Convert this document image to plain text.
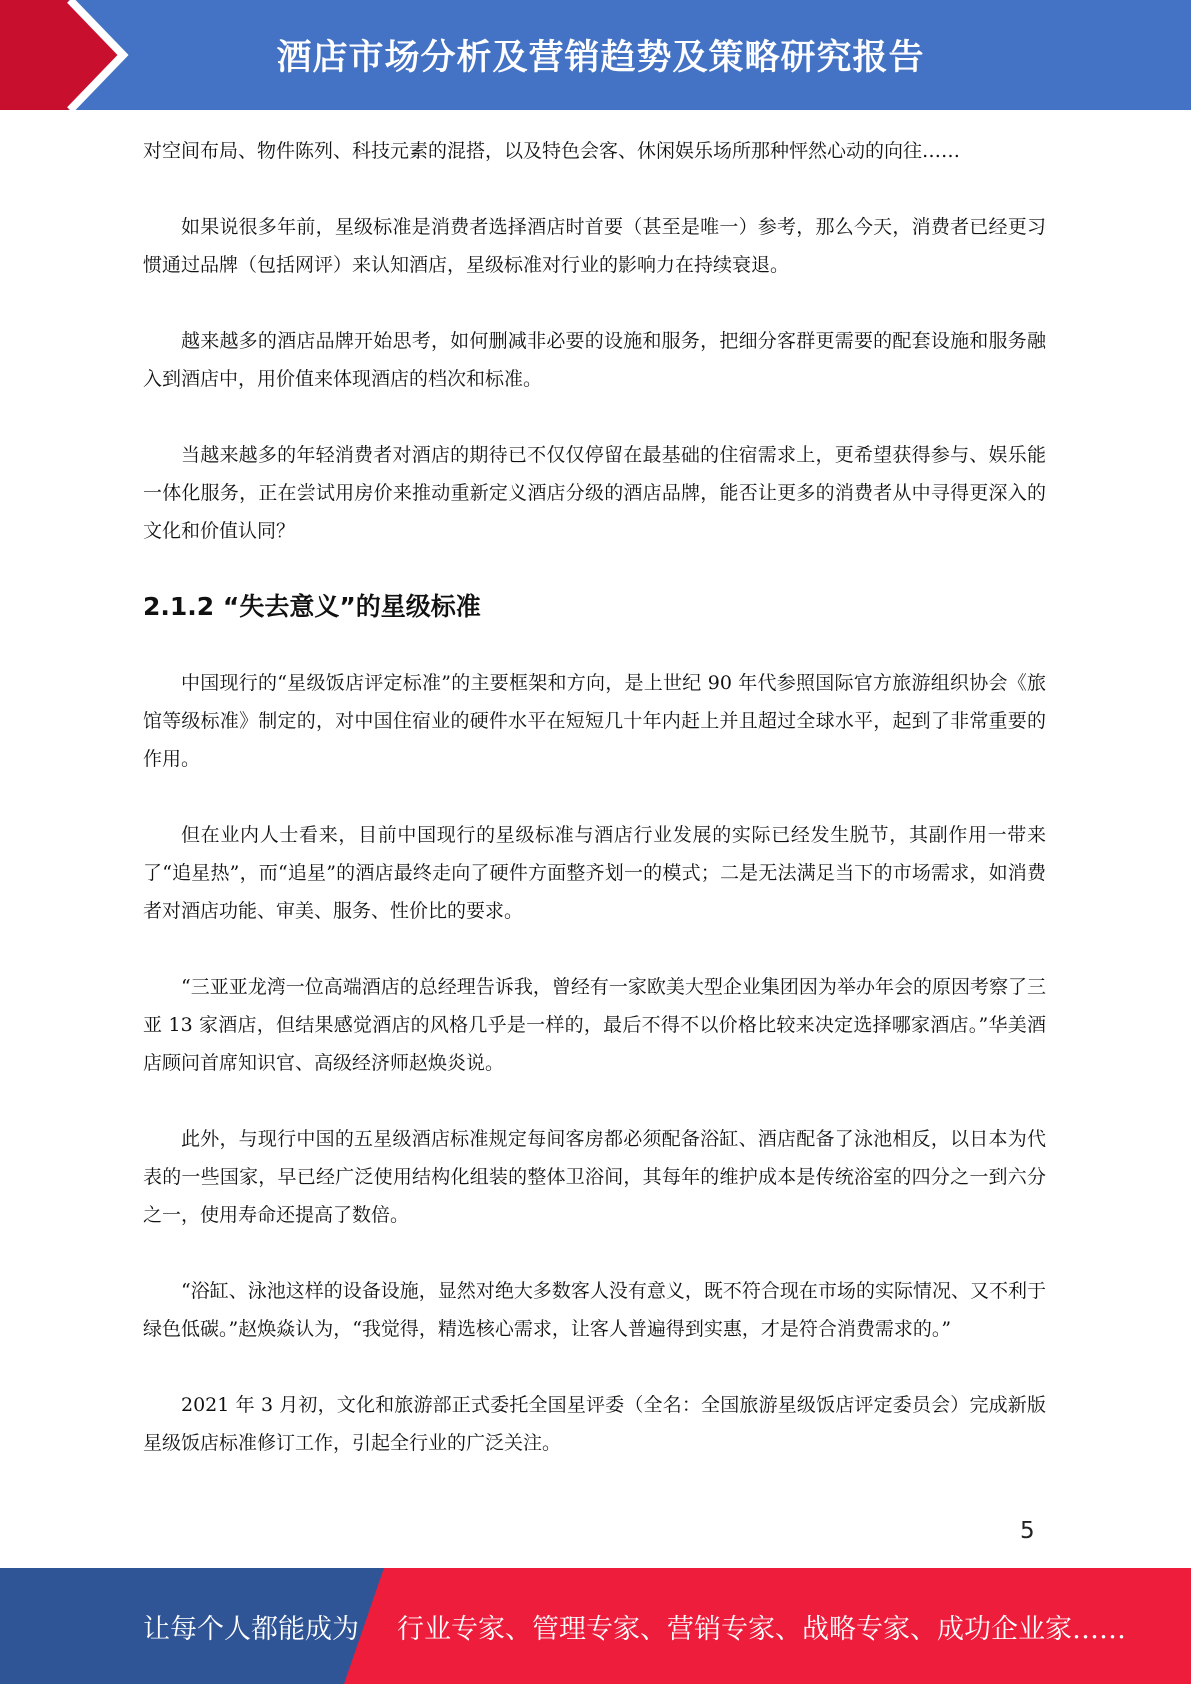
酒店市场分析及营销趋势及策略研究报告

对空间布局、物件陈列、科技元素的混搭，以及特色会客、休闲娱乐场所那种怦然心动的向往……

如果说很多年前，星级标准是消费者选择酒店时首要（甚至是唯一）参考，那么今天，消费者已经更习惯通过品牌（包括网评）来认知酒店，星级标准对行业的影响力在持续衰退。

越来越多的酒店品牌开始思考，如何删减非必要的设施和服务，把细分客群更需要的配套设施和服务融入到酒店中，用价值来体现酒店的档次和标准。

当越来越多的年轻消费者对酒店的期待已不仅仅停留在最基础的住宿需求上，更希望获得参与、娱乐能一体化服务，正在尝试用房价来推动重新定义酒店分级的酒店品牌，能否让更多的消费者从中寻得更深入的文化和价值认同？

2.1.2 “失去意义”的星级标准

中国现行的“星级饭店评定标准”的主要框架和方向，是上世纪 90 年代参照国际官方旅游组织协会《旅馆等级标准》制定的，对中国住宿业的硬件水平在短短几十年内赶上并且超过全球水平，起到了非常重要的作用。

但在业内人士看来，目前中国现行的星级标准与酒店行业发展的实际已经发生脱节，其副作用一带来了“追星热”，而“追星”的酒店最终走向了硬件方面整齐划一的模式；二是无法满足当下的市场需求，如消费者对酒店功能、审美、服务、性价比的要求。

“三亚亚龙湾一位高端酒店的总经理告诉我，曾经有一家欧美大型企业集团因为举办年会的原因考察了三亚 13 家酒店，但结果感觉酒店的风格几乎是一样的，最后不得不以价格比较来决定选择哪家酒店。”华美酒店顾问首席知识官、高级经济师赵焕炎说。

此外，与现行中国的五星级酒店标准规定每间客房都必须配备浴缸、酒店配备了泳池相反，以日本为代表的一些国家，早已经广泛使用结构化组装的整体卫浴间，其每年的维护成本是传统浴室的四分之一到六分之一，使用寿命还提高了数倍。

“浴缸、泳池这样的设备设施，显然对绝大多数客人没有意义，既不符合现在市场的实际情况、又不利于绿色低碳。”赵焕焱认为，“我觉得，精选核心需求，让客人普遍得到实惠，才是符合消费需求的。”

2021 年 3 月初，文化和旅游部正式委托全国星评委（全名：全国旅游星级饭店评定委员会）完成新版星级饭店标准修订工作，引起全行业的广泛关注。

5
让每个人都能成为 行业专家、管理专家、营销专家、战略专家、成功企业家……
